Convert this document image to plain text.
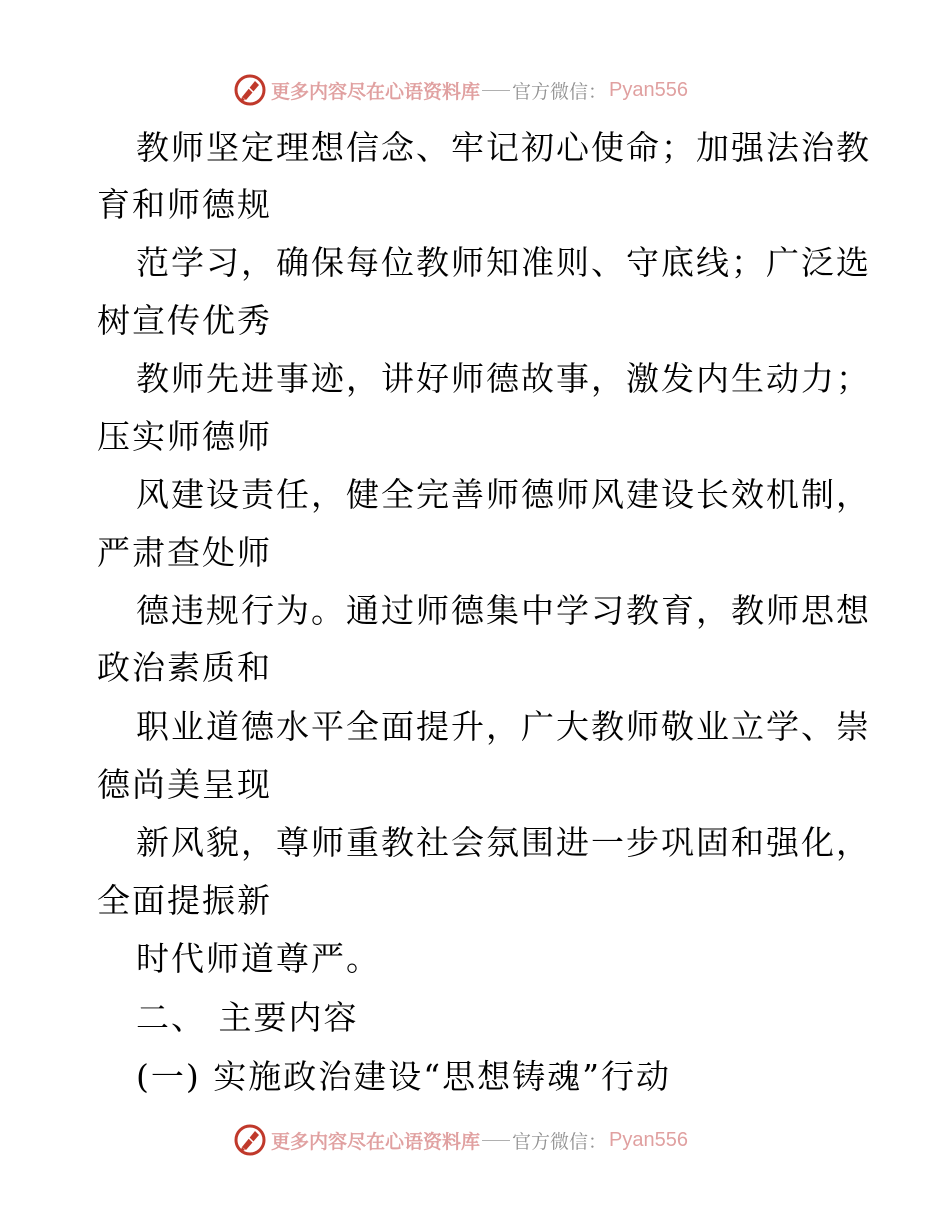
更多内容尽在心语资料库 官方微信： Pyan556
教师坚定理想信念、牢记初心使命；加强法治教
育和师德规
范学习，确保每位教师知准则、守底线；广泛选
树宣传优秀
教师先进事迹，讲好师德故事，激发内生动力；
压实师德师
风建设责任，健全完善师德师风建设长效机制，
严肃查处师
德违规行为。通过师德集中学习教育，教师思想
政治素质和
职业道德水平全面提升，广大教师敬业立学、崇
德尚美呈现
新风貌，尊师重教社会氛围进一步巩固和强化，
全面提振新
时代师道尊严。
二、 主要内容
(一) 实施政治建设“思想铸魂”行动
更多内容尽在心语资料库 官方微信： Pyan556
